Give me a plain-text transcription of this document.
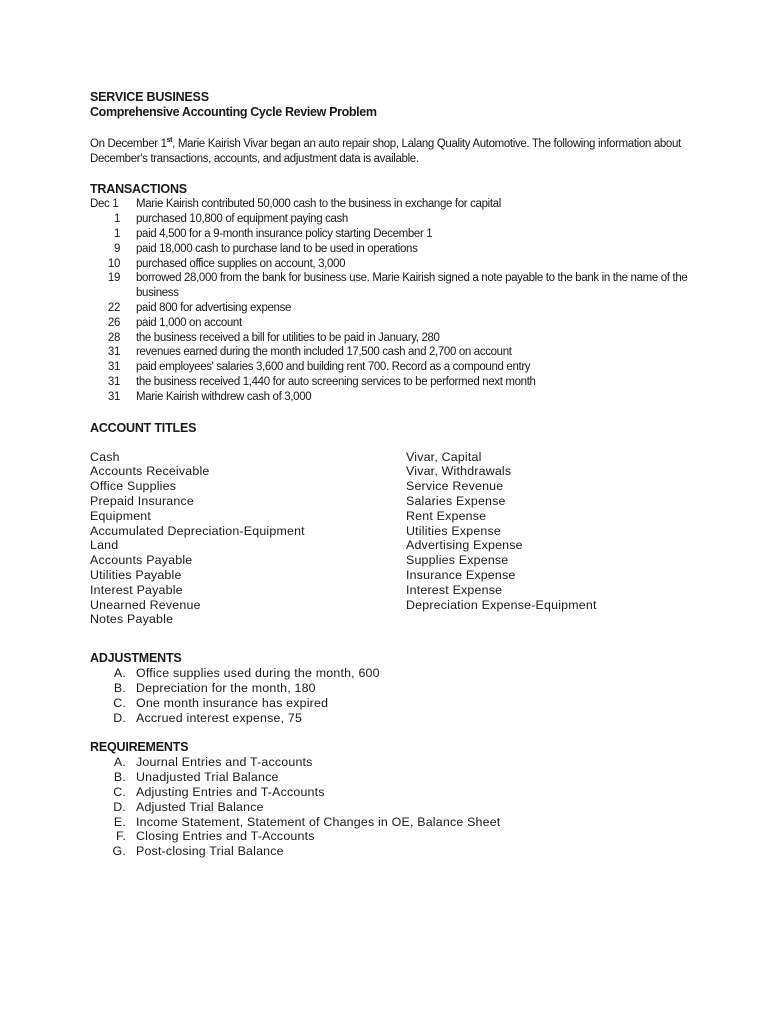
SERVICE BUSINESS
Comprehensive Accounting Cycle Review Problem
On December 1st, Marie Kairish Vivar began an auto repair shop, Lalang Quality Automotive. The following information about December's transactions, accounts, and adjustment data is available.
TRANSACTIONS
Dec 1	Marie Kairish contributed 50,000 cash to the business in exchange for capital
1	purchased 10,800 of equipment paying cash
1	paid 4,500 for a 9-month insurance policy starting December 1
9	paid 18,000 cash to purchase land to be used in operations
10	purchased office supplies on account, 3,000
19	borrowed 28,000 from the bank for business use. Marie Kairish signed a note payable to the bank in the name of the business
22	paid 800 for advertising expense
26	paid 1,000 on account
28	the business received a bill for utilities to be paid in January, 280
31	revenues earned during the month included 17,500 cash and 2,700 on account
31	paid employees' salaries 3,600 and building rent 700. Record as a compound entry
31	the business received 1,440 for auto screening services to be performed next month
31	Marie Kairish withdrew cash of 3,000
ACCOUNT TITLES
Cash
Accounts Receivable
Office Supplies
Prepaid Insurance
Equipment
Accumulated Depreciation-Equipment
Land
Accounts Payable
Utilities Payable
Interest Payable
Unearned Revenue
Notes Payable
Vivar, Capital
Vivar, Withdrawals
Service Revenue
Salaries Expense
Rent Expense
Utilities Expense
Advertising Expense
Supplies Expense
Insurance Expense
Interest Expense
Depreciation Expense-Equipment
ADJUSTMENTS
A. Office supplies used during the month, 600
B. Depreciation for the month, 180
C. One month insurance has expired
D. Accrued interest expense, 75
REQUIREMENTS
A. Journal Entries and T-accounts
B. Unadjusted Trial Balance
C. Adjusting Entries and T-Accounts
D. Adjusted Trial Balance
E. Income Statement, Statement of Changes in OE, Balance Sheet
F. Closing Entries and T-Accounts
G. Post-closing Trial Balance
